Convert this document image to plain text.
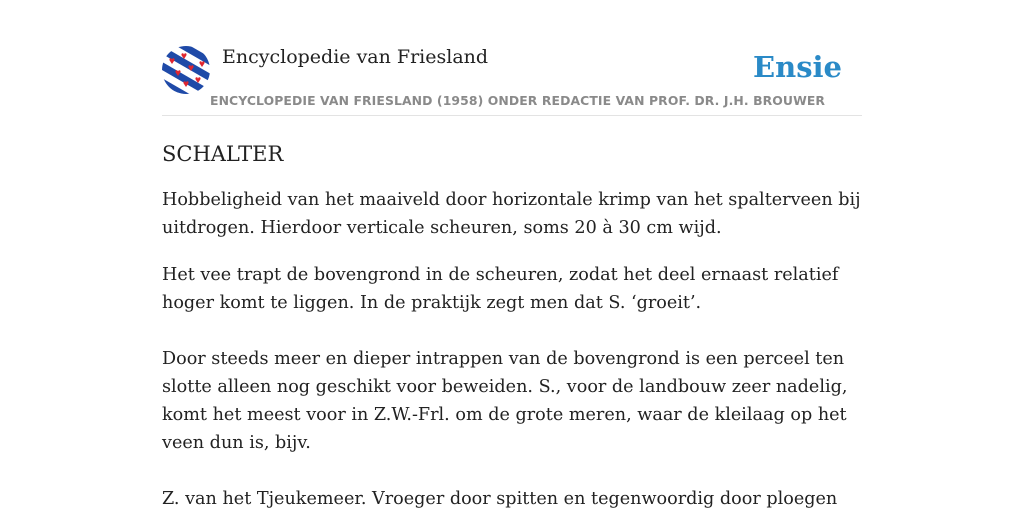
Encyclopedie van Friesland	Ensie
ENCYCLOPEDIE VAN FRIESLAND (1958) ONDER REDACTIE VAN PROF. DR. J.H. BROUWER
SCHALTER

Hobbeligheid van het maaiveld door horizontale krimp van het spalterveen bij uitdrogen. Hierdoor verticale scheuren, soms 20 à 30 cm wijd.

Het vee trapt de bovengrond in de scheuren, zodat het deel ernaast relatief hoger komt te liggen. In de praktijk zegt men dat S. ‘groeit’.

Door steeds meer en dieper intrappen van de bovengrond is een perceel ten slotte alleen nog geschikt voor beweiden. S., voor de landbouw zeer nadelig, komt het meest voor in Z.W.-Frl. om de grote meren, waar de kleilaag op het veen dun is, bijv.

Z. van het Tjeukemeer. Vroeger door spitten en tegenwoordig door ploegen
